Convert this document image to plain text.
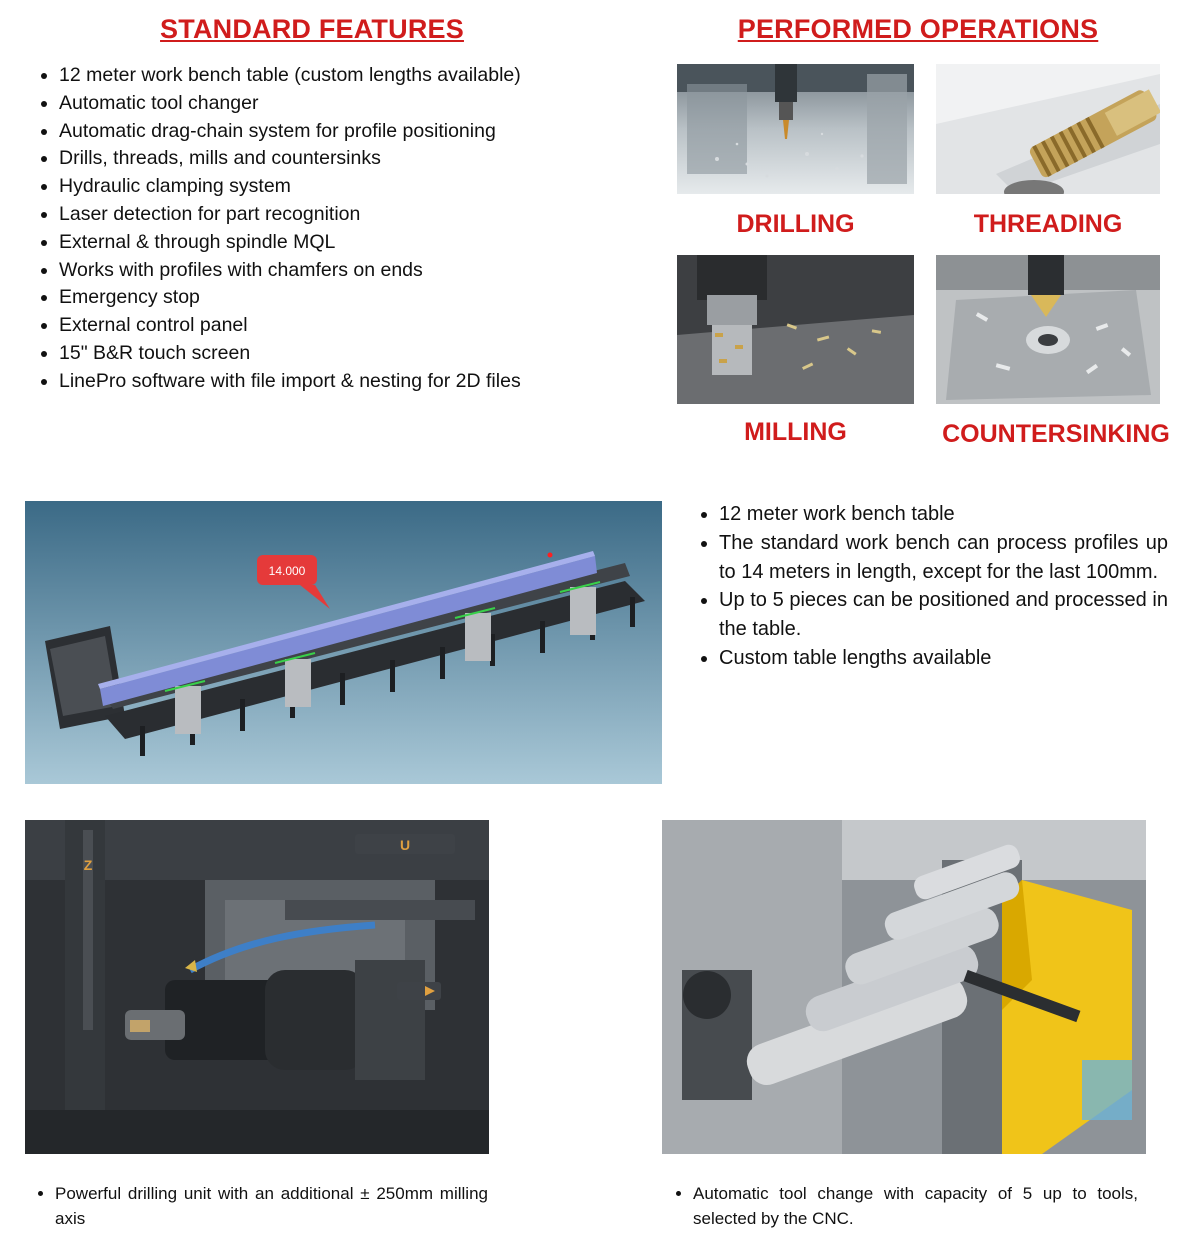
STANDARD FEATURES
• 12 meter work bench table (custom lengths available)
• Automatic tool changer
• Automatic drag-chain system for profile positioning
• Drills, threads, mills and countersinks
• Hydraulic clamping system
• Laser detection for part recognition
• External & through spindle MQL
• Works with profiles with chamfers on ends
• Emergency stop
• External control panel
• 15" B&R touch screen
• LinePro software with file import & nesting for 2D files
PERFORMED OPERATIONS
DRILLING	THREADING
MILLING	COUNTERSINKING
14.000
• 12 meter work bench table
• The standard work bench can process profiles up to 14 meters in length, except for the last 100mm.
• Up to 5 pieces can be positioned and processed in the table.
• Custom table lengths available
Z
U
• Powerful drilling unit with an additional ± 250mm milling axis
• Automatic tool change with capacity of 5 up to tools, selected by the CNC.
